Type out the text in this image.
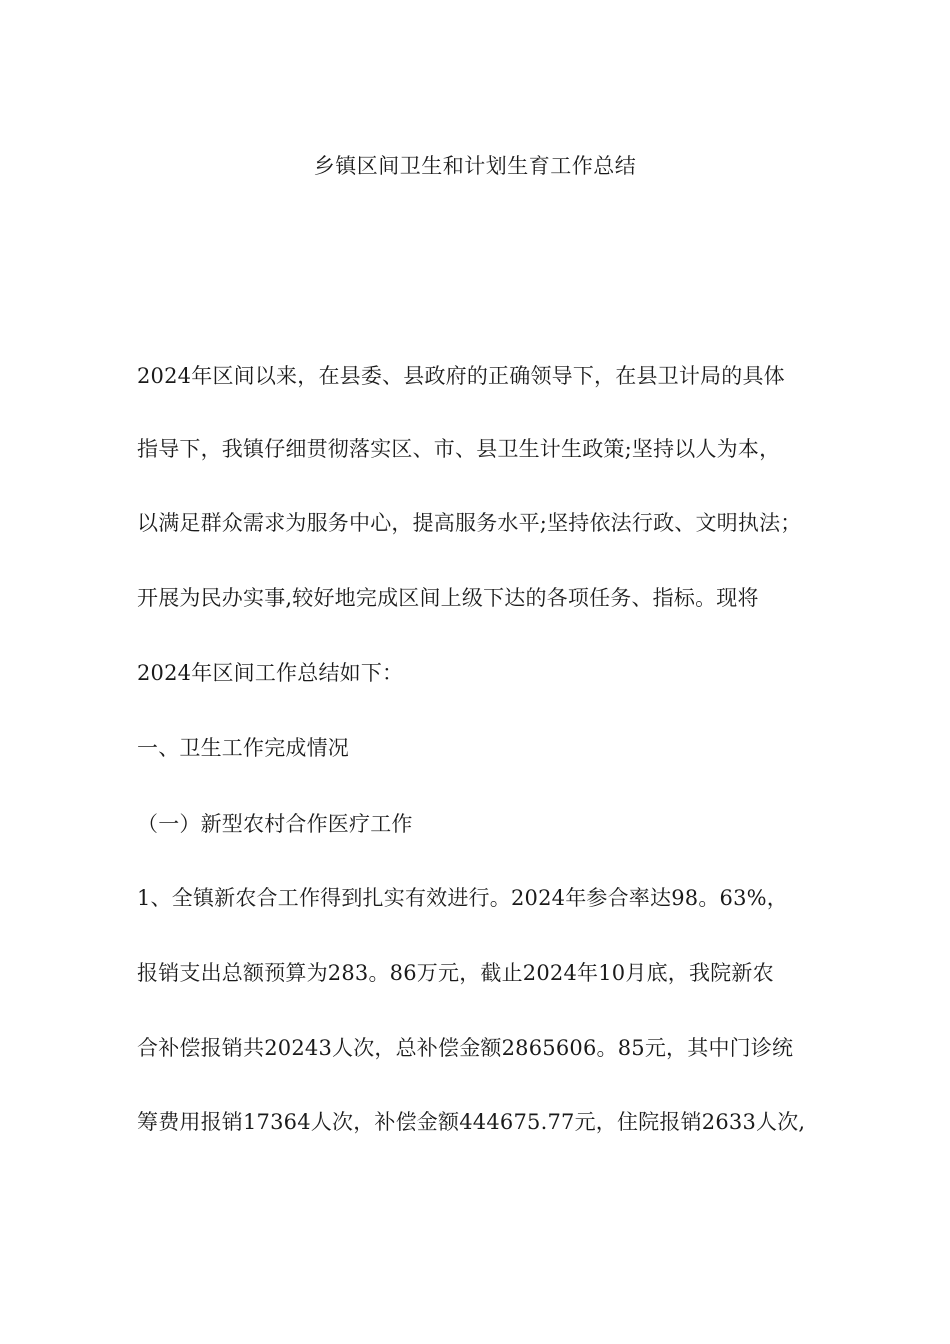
乡镇区间卫生和计划生育工作总结
2024年区间以来，在县委、县政府的正确领导下，在县卫计局的具体
指导下，我镇仔细贯彻落实区、市、县卫生计生政策;坚持以人为本，
以满足群众需求为服务中心，提高服务水平;坚持依法行政、文明执法；
开展为民办实事,较好地完成区间上级下达的各项任务、指标。现将
2024年区间工作总结如下：
一、卫生工作完成情况
（一）新型农村合作医疗工作
1、全镇新农合工作得到扎实有效进行。2024年参合率达98。63%，
报销支出总额预算为283。86万元，截止2024年10月底，我院新农
合补偿报销共20243人次，总补偿金额2865606。85元，其中门诊统
筹费用报销17364人次，补偿金额444675.77元，住院报销2633人次,
